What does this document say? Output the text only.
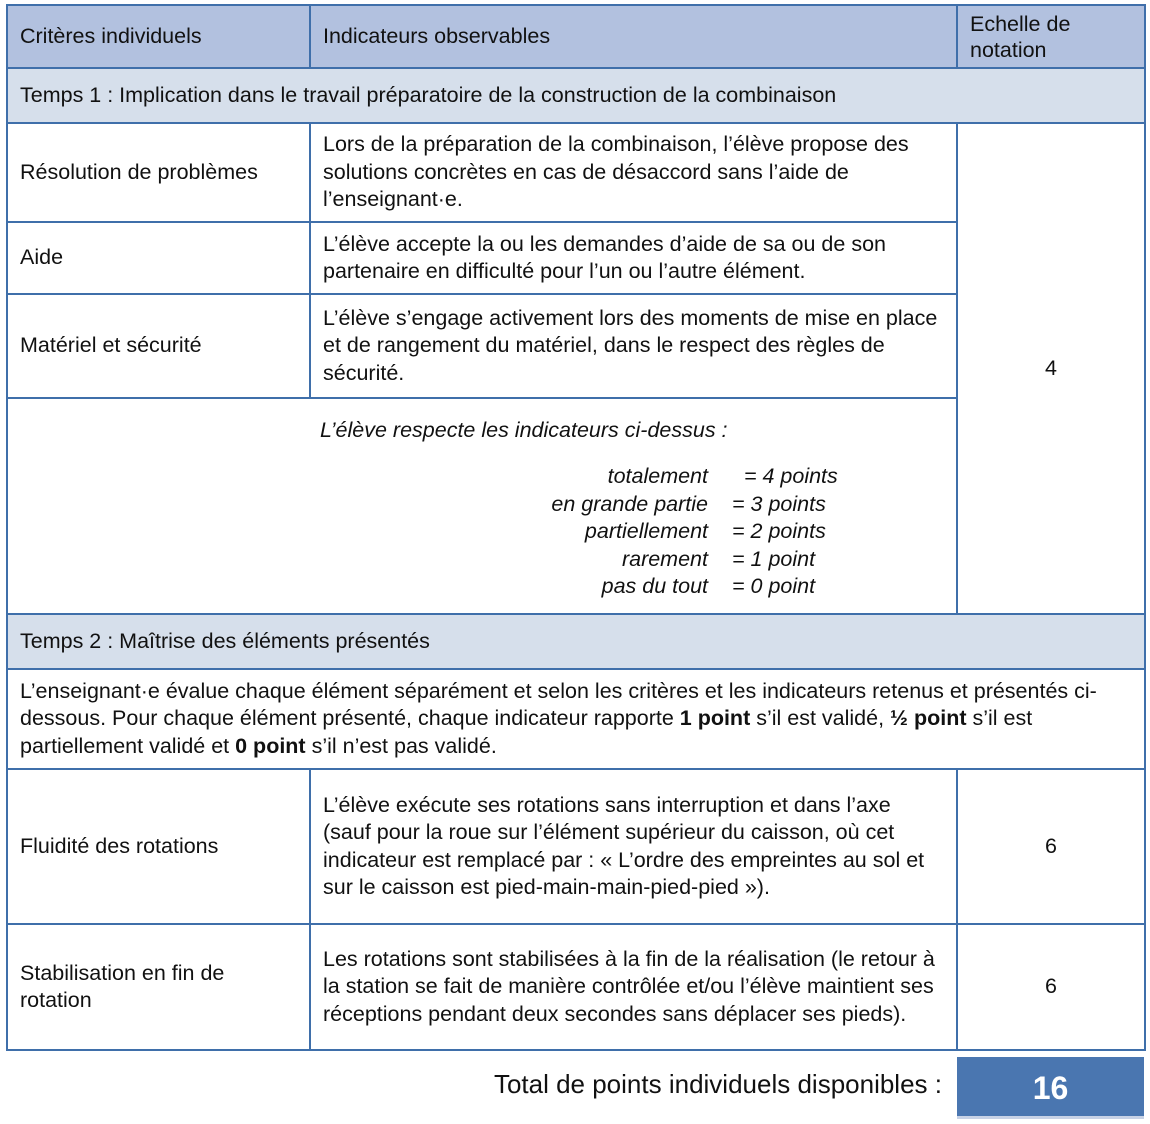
Critères individuels	Indicateurs observables	Echelle de
notation
Temps 1 : Implication dans le travail préparatoire de la construction de la combinaison
Résolution de problèmes	Lors de la préparation de la combinaison, l’élève propose des solutions concrètes en cas de désaccord sans l’aide de l’enseignant·e.	4
Aide	L’élève accepte la ou les demandes d’aide de sa ou de son partenaire en difficulté pour l’un ou l’autre élément.
Matériel et sécurité	L’élève s’engage activement lors des moments de mise en place et de rangement du matériel, dans le respect des règles de sécurité.

L’élève respecte les indicateurs ci-dessus :
totalement	= 4 points
en grande partie	= 3 points
partiellement	= 2 points
rarement	= 1 point
pas du tout	= 0 point

Temps 2 : Maîtrise des éléments présentés
L’enseignant·e évalue chaque élément séparément et selon les critères et les indicateurs retenus et présentés ci-dessous. Pour chaque élément présenté, chaque indicateur rapporte 1 point s’il est validé, ½ point s’il est partiellement validé et 0 point s’il n’est pas validé.
Fluidité des rotations	L’élève exécute ses rotations sans interruption et dans l’axe (sauf pour la roue sur l’élément supérieur du caisson, où cet indicateur est remplacé par : « L’ordre des empreintes au sol et sur le caisson est pied-main-main-pied-pied »).	6
Stabilisation en fin de rotation	Les rotations sont stabilisées à la fin de la réalisation (le retour à la station se fait de manière contrôlée et/ou l’élève maintient ses réceptions pendant deux secondes sans déplacer ses pieds).	6
Total de points individuels disponibles :	16
